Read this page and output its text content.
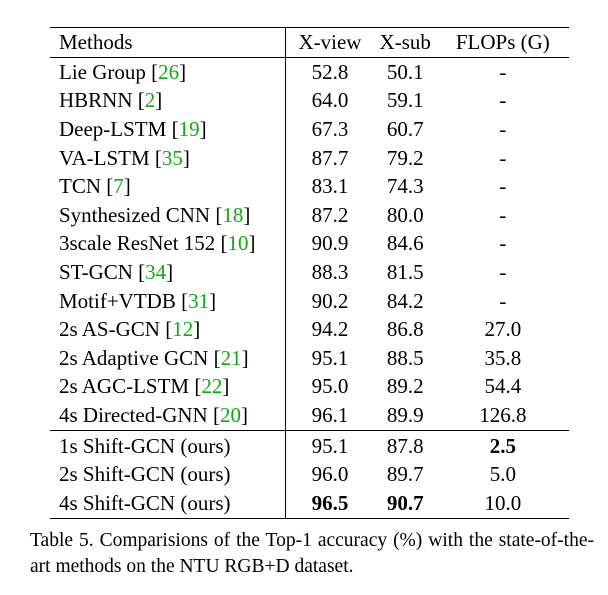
Methods	X-view	X-sub	FLOPs (G)
Lie Group [26]	52.8	50.1	-
HBRNN [2]	64.0	59.1	-
Deep-LSTM [19]	67.3	60.7	-
VA-LSTM [35]	87.7	79.2	-
TCN [7]	83.1	74.3	-
Synthesized CNN [18]	87.2	80.0	-
3scale ResNet 152 [10]	90.9	84.6	-
ST-GCN [34]	88.3	81.5	-
Motif+VTDB [31]	90.2	84.2	-
2s AS-GCN [12]	94.2	86.8	27.0
2s Adaptive GCN [21]	95.1	88.5	35.8
2s AGC-LSTM [22]	95.0	89.2	54.4
4s Directed-GNN [20]	96.1	89.9	126.8
1s Shift-GCN (ours)	95.1	87.8	2.5
2s Shift-GCN (ours)	96.0	89.7	5.0
4s Shift-GCN (ours)	96.5	90.7	10.0
Table 5. Comparisions of the Top-1 accuracy (%) with the state-of-the-art methods on the NTU RGB+D dataset.
